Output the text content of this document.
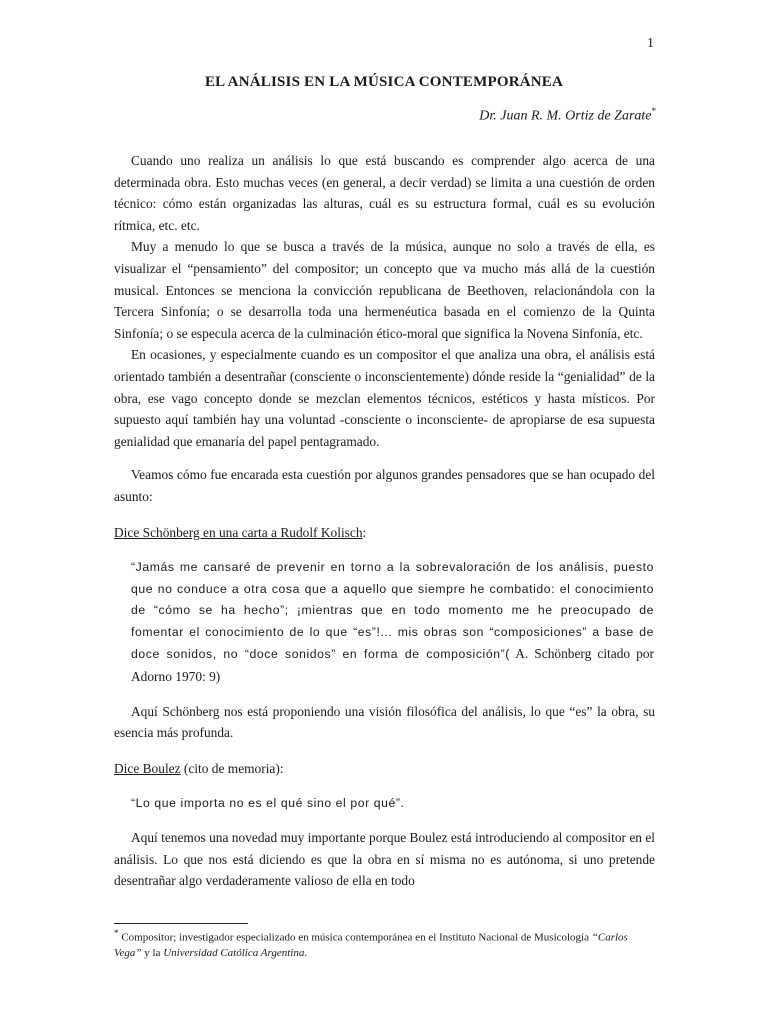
1
EL ANÁLISIS EN LA MÚSICA CONTEMPORÁNEA
Dr. Juan R. M. Ortiz de Zarate*

Cuando uno realiza un análisis lo que está buscando es comprender algo acerca de una determinada obra. Esto muchas veces (en general, a decir verdad) se limita a una cuestión de orden técnico: cómo están organizadas las alturas, cuál es su estructura formal, cuál es su evolución rítmica, etc. etc.

Muy a menudo lo que se busca a través de la música, aunque no solo a través de ella, es visualizar el “pensamiento” del compositor; un concepto que va mucho más allá de la cuestión musical. Entonces se menciona la convicción republicana de Beethoven, relacionándola con la Tercera Sinfonía; o se desarrolla toda una hermenéutica basada en el comienzo de la Quinta Sinfonía; o se especula acerca de la culminación ético-moral que significa la Novena Sinfonía, etc.

En ocasiones, y especialmente cuando es un compositor el que analiza una obra, el análisis está orientado también a desentrañar (consciente o inconscientemente) dónde reside la “genialidad” de la obra, ese vago concepto donde se mezclan elementos técnicos, estéticos y hasta místicos. Por supuesto aquí también hay una voluntad -consciente o inconsciente- de apropiarse de esa supuesta genialidad que emanaría del papel pentagramado.

Veamos cómo fue encarada esta cuestión por algunos grandes pensadores que se han ocupado del asunto:

Dice Schönberg en una carta a Rudolf Kolisch:

“Jamás me cansaré de prevenir en torno a la sobrevaloración de los análisis, puesto que no conduce a otra cosa que a aquello que siempre he combatido: el conocimiento de “cómo se ha hecho”; ¡mientras que en todo momento me he preocupado de fomentar el conocimiento de lo que “es”!... mis obras son “composiciones” a base de doce sonidos, no “doce sonidos” en forma de composición”( A. Schönberg citado por Adorno 1970: 9)

Aquí Schönberg nos está proponiendo una visión filosófica del análisis, lo que “es” la obra, su esencia más profunda.

Dice Boulez (cito de memoria):

“Lo que importa no es el qué sino el por qué”.

Aquí tenemos una novedad muy importante porque Boulez está introduciendo al compositor en el análisis. Lo que nos está diciendo es que la obra en sí misma no es autónoma, si uno pretende desentrañar algo verdaderamente valioso de ella en todo

* Compositor; investigador especializado en música contemporánea en el Instituto Nacional de Musicología “Carlos Vega” y la Universidad Católica Argentina.
